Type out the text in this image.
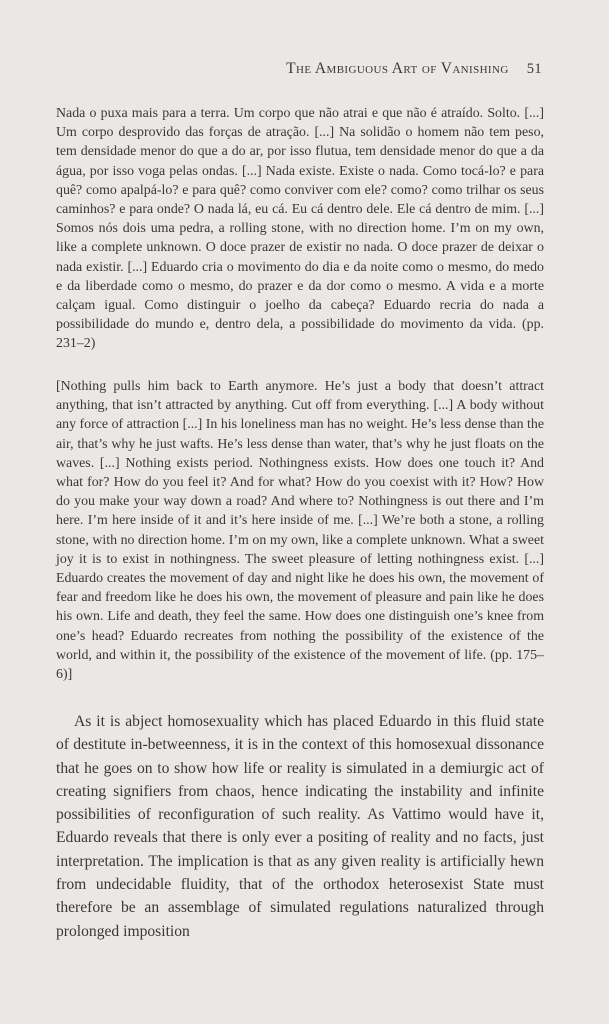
The Ambiguous Art of Vanishing 51

Nada o puxa mais para a terra. Um corpo que não atrai e que não é atraído. Solto. [...] Um corpo desprovido das forças de atração. [...] Na solidão o homem não tem peso, tem densidade menor do que a do ar, por isso flutua, tem densidade menor do que a da água, por isso voga pelas ondas. [...] Nada existe. Existe o nada. Como tocá-lo? e para quê? como apalpá-lo? e para quê? como conviver com ele? como? como trilhar os seus caminhos? e para onde? O nada lá, eu cá. Eu cá dentro dele. Ele cá dentro de mim. [...] Somos nós dois uma pedra, a rolling stone, with no direction home. I’m on my own, like a complete unknown. O doce prazer de existir no nada. O doce prazer de deixar o nada existir. [...] Eduardo cria o movimento do dia e da noite como o mesmo, do medo e da liberdade como o mesmo, do prazer e da dor como o mesmo. A vida e a morte calçam igual. Como distinguir o joelho da cabeça? Eduardo recria do nada a possibilidade do mundo e, dentro dela, a possibilidade do movimento da vida. (pp. 231–2)

[Nothing pulls him back to Earth anymore. He’s just a body that doesn’t attract anything, that isn’t attracted by anything. Cut off from everything. [...] A body without any force of attraction [...] In his loneliness man has no weight. He’s less dense than the air, that’s why he just wafts. He’s less dense than water, that’s why he just floats on the waves. [...] Nothing exists period. Nothingness exists. How does one touch it? And what for? How do you feel it? And for what? How do you coexist with it? How? How do you make your way down a road? And where to? Nothingness is out there and I’m here. I’m here inside of it and it’s here inside of me. [...] We’re both a stone, a rolling stone, with no direction home. I’m on my own, like a complete unknown. What a sweet joy it is to exist in nothingness. The sweet pleasure of letting nothingness exist. [...] Eduardo creates the movement of day and night like he does his own, the movement of fear and freedom like he does his own, the movement of pleasure and pain like he does his own. Life and death, they feel the same. How does one distinguish one’s knee from one’s head? Eduardo recreates from nothing the possibility of the existence of the world, and within it, the possibility of the existence of the movement of life. (pp. 175–6)]

As it is abject homosexuality which has placed Eduardo in this fluid state of destitute in-betweenness, it is in the context of this homosexual dissonance that he goes on to show how life or reality is simulated in a demiurgic act of creating signifiers from chaos, hence indicating the instability and infinite possibilities of reconfiguration of such reality. As Vattimo would have it, Eduardo reveals that there is only ever a positing of reality and no facts, just interpretation. The implication is that as any given reality is artificially hewn from undecidable fluidity, that of the orthodox heterosexist State must therefore be an assemblage of simulated regulations naturalized through prolonged imposition
